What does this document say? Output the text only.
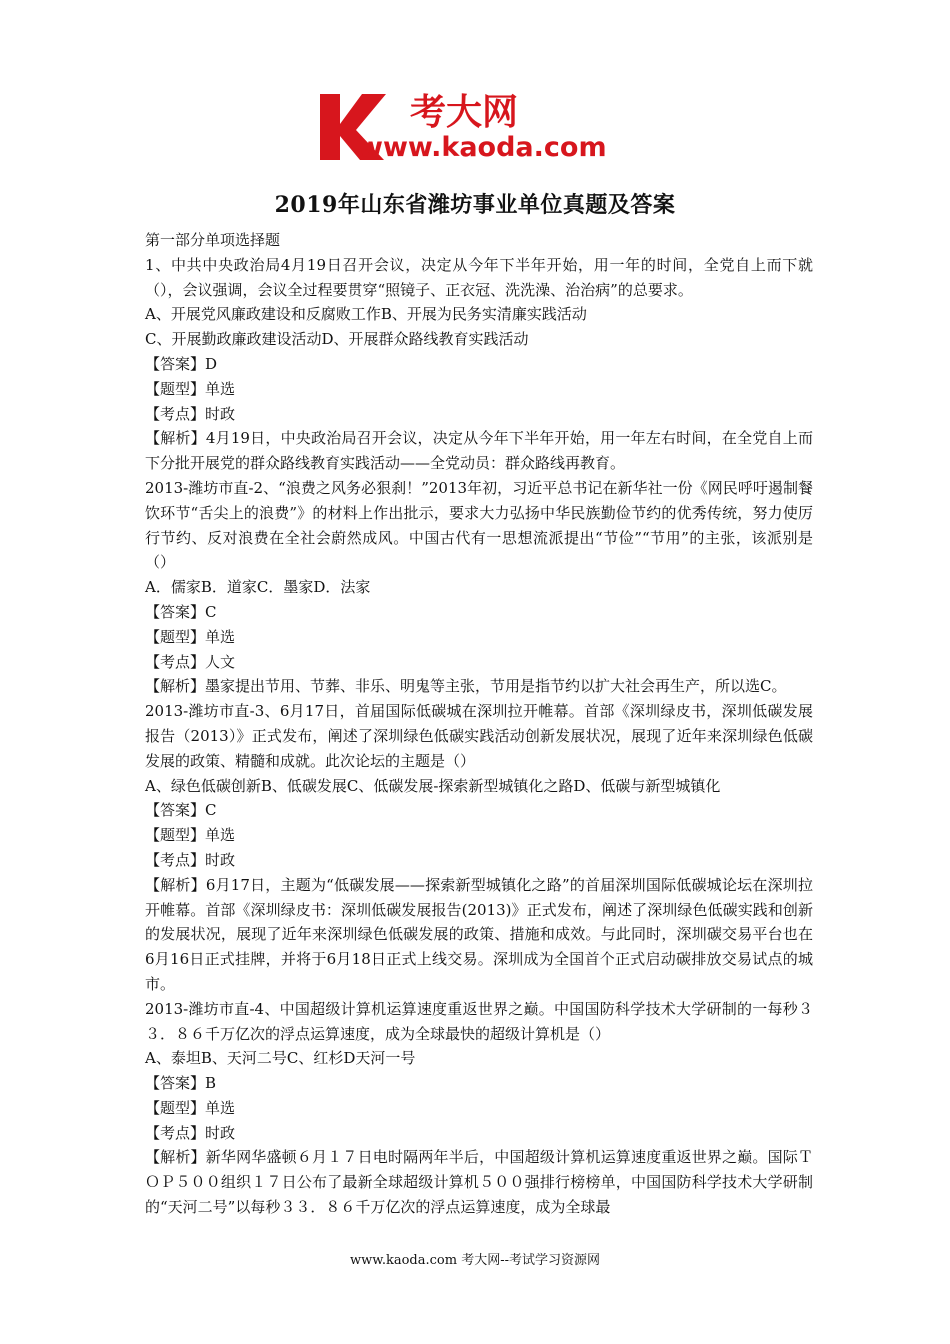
考大网
www.kaoda.com
2019年山东省潍坊事业单位真题及答案

第一部分单项选择题

1、中共中央政治局4月19日召开会议，决定从今年下半年开始，用一年的时间，全党自上而下就（），会议强调，会议全过程要贯穿“照镜子、正衣冠、洗洗澡、治治病”的总要求。

A、开展党风廉政建设和反腐败工作B、开展为民务实清廉实践活动

C、开展勤政廉政建设活动D、开展群众路线教育实践活动

【答案】D

【题型】单选

【考点】时政

【解析】4月19日，中央政治局召开会议，决定从今年下半年开始，用一年左右时间，在全党自上而下分批开展党的群众路线教育实践活动——全党动员：群众路线再教育。

2013-潍坊市直-2、“浪费之风务必狠刹！”2013年初，习近平总书记在新华社一份《网民呼吁遏制餐饮环节“舌尖上的浪费”》的材料上作出批示，要求大力弘扬中华民族勤俭节约的优秀传统，努力使厉行节约、反对浪费在全社会蔚然成风。中国古代有一思想流派提出“节俭”“节用”的主张，该派别是（）

A．儒家B．道家C．墨家D．法家

【答案】C

【题型】单选

【考点】人文

【解析】墨家提出节用、节葬、非乐、明鬼等主张，节用是指节约以扩大社会再生产，所以选C。

2013-潍坊市直-3、6月17日，首届国际低碳城在深圳拉开帷幕。首部《深圳绿皮书，深圳低碳发展报告（2013）》正式发布，阐述了深圳绿色低碳实践活动创新发展状况，展现了近年来深圳绿色低碳发展的政策、精髓和成就。此次论坛的主题是（）

A、绿色低碳创新B、低碳发展C、低碳发展-探索新型城镇化之路D、低碳与新型城镇化

【答案】C

【题型】单选

【考点】时政

【解析】6月17日，主题为“低碳发展——探索新型城镇化之路”的首届深圳国际低碳城论坛在深圳拉开帷幕。首部《深圳绿皮书：深圳低碳发展报告(2013)》正式发布，阐述了深圳绿色低碳实践和创新的发展状况，展现了近年来深圳绿色低碳发展的政策、措施和成效。与此同时，深圳碳交易平台也在6月16日正式挂牌，并将于6月18日正式上线交易。深圳成为全国首个正式启动碳排放交易试点的城市。

2013-潍坊市直-4、中国超级计算机运算速度重返世界之巅。中国国防科学技术大学研制的一每秒３３．８６千万亿次的浮点运算速度，成为全球最快的超级计算机是（）

A、泰坦B、天河二号C、红杉D天河一号

【答案】B

【题型】单选

【考点】时政

【解析】新华网华盛顿６月１７日电时隔两年半后，中国超级计算机运算速度重返世界之巅。国际ＴＯＰ５００组织１７日公布了最新全球超级计算机５００强排行榜榜单，中国国防科学技术大学研制的“天河二号”以每秒３３．８６千万亿次的浮点运算速度，成为全球最

www.kaoda.com 考大网--考试学习资源网
